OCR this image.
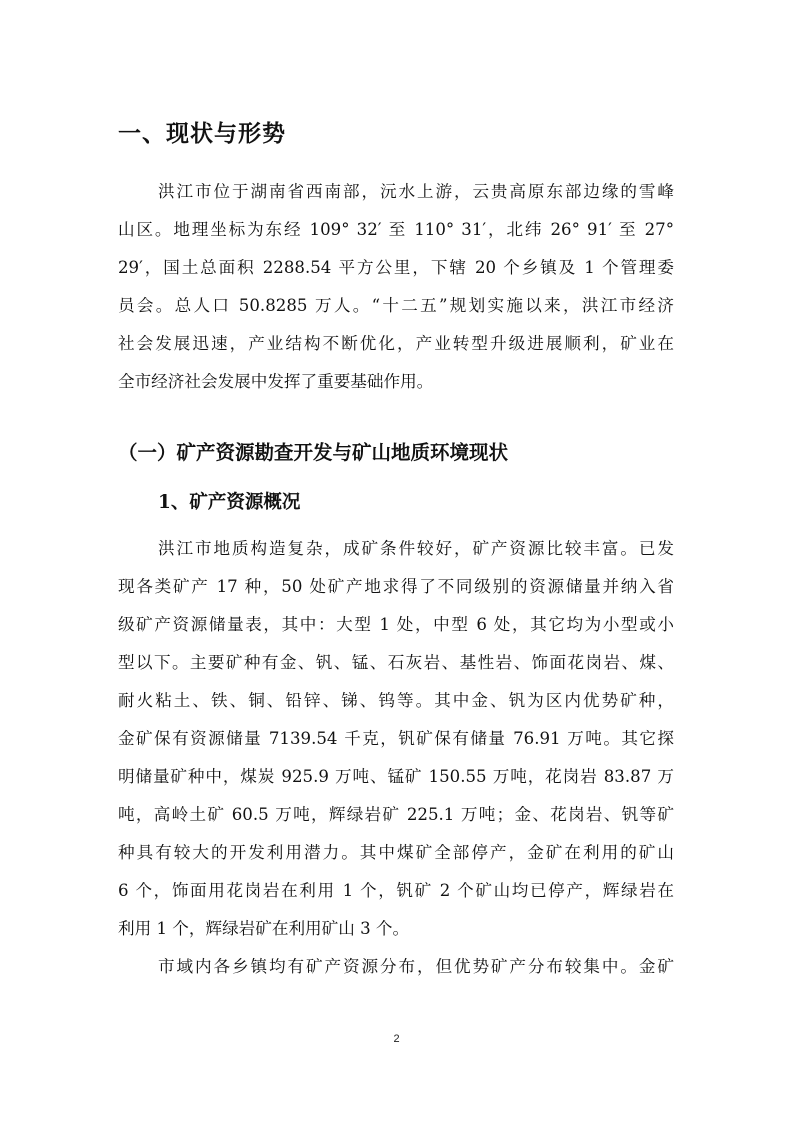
一、现状与形势
洪江市位于湖南省西南部，沅水上游，云贵高原东部边缘的雪峰
山区。地理坐标为东经 109° 32′ 至 110° 31′，北纬 26° 91′ 至 27°
29′，国土总面积 2288.54 平方公里，下辖 20 个乡镇及 1 个管理委
员会。总人口 50.8285 万人。“十二五”规划实施以来，洪江市经济
社会发展迅速，产业结构不断优化，产业转型升级进展顺利，矿业在
全市经济社会发展中发挥了重要基础作用。
（一）矿产资源勘查开发与矿山地质环境现状
1、矿产资源概况
洪江市地质构造复杂，成矿条件较好，矿产资源比较丰富。已发
现各类矿产 17 种，50 处矿产地求得了不同级别的资源储量并纳入省
级矿产资源储量表，其中：大型 1 处，中型 6 处，其它均为小型或小
型以下。主要矿种有金、钒、锰、石灰岩、基性岩、饰面花岗岩、煤、
耐火粘土、铁、铜、铅锌、锑、钨等。其中金、钒为区内优势矿种，
金矿保有资源储量 7139.54 千克，钒矿保有储量 76.91 万吨。其它探
明储量矿种中，煤炭 925.9 万吨、锰矿 150.55 万吨，花岗岩 83.87 万
吨，高岭土矿 60.5 万吨，辉绿岩矿 225.1 万吨；金、花岗岩、钒等矿
种具有较大的开发利用潜力。其中煤矿全部停产，金矿在利用的矿山
6 个，饰面用花岗岩在利用 1 个，钒矿 2 个矿山均已停产，辉绿岩在
利用 1 个，辉绿岩矿在利用矿山 3 个。
市域内各乡镇均有矿产资源分布，但优势矿产分布较集中。金矿
2
